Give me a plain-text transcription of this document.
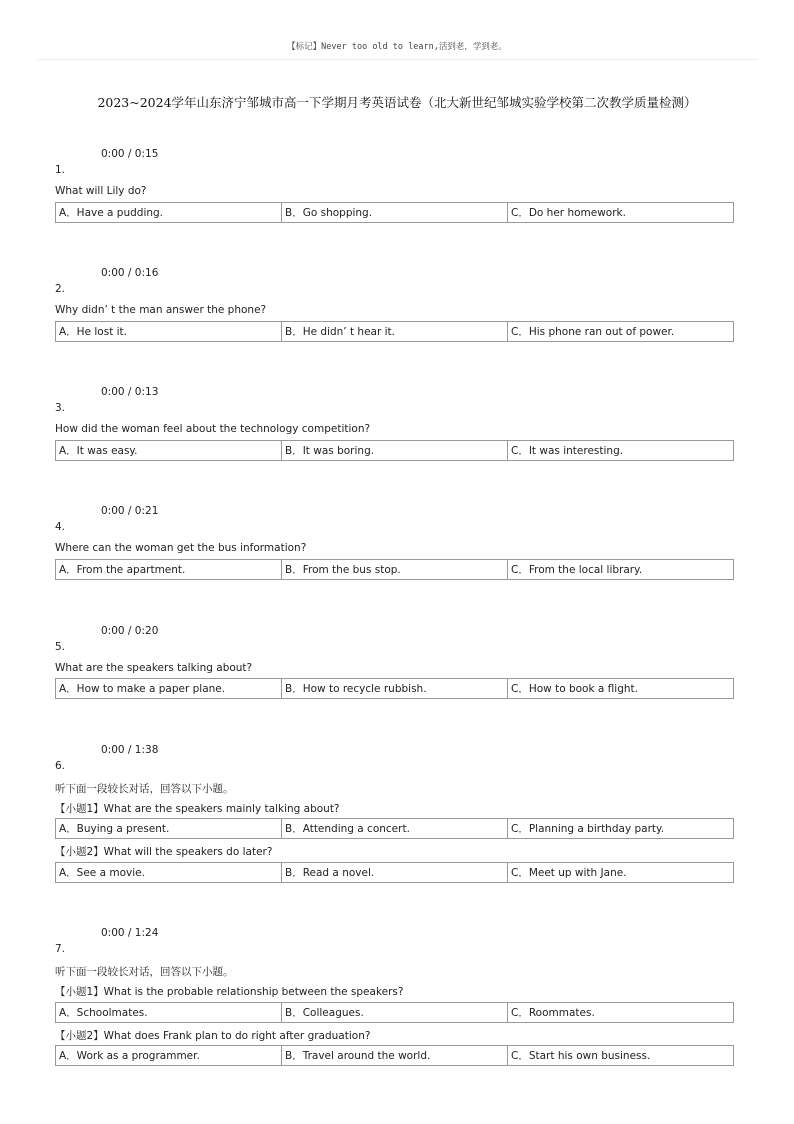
【标记】Never too old to learn,活到老，学到老。
2023~2024学年山东济宁邹城市高一下学期月考英语试卷（北大新世纪邹城实验学校第二次教学质量检测）
0:00 / 0:15
1.
What will Lily do?
A．Have a pudding.	B．Go shopping.	C．Do her homework.
0:00 / 0:16
2.
Why didn’ t the man answer the phone?
A．He lost it.	B．He didn’ t hear it.	C．His phone ran out of power.
0:00 / 0:13
3.
How did the woman feel about the technology competition?
A．It was easy.	B．It was boring.	C．It was interesting.
0:00 / 0:21
4.
Where can the woman get the bus information?
A．From the apartment.	B．From the bus stop.	C．From the local library.
0:00 / 0:20
5.
What are the speakers talking about?
A．How to make a paper plane.	B．How to recycle rubbish.	C．How to book a flight.
0:00 / 1:38
6.
听下面一段较长对话，回答以下小题。
【小题1】What are the speakers mainly talking about?
A．Buying a present.	B．Attending a concert.	C．Planning a birthday party.
【小题2】What will the speakers do later?
A．See a movie.	B．Read a novel.	C．Meet up with Jane.
0:00 / 1:24
7.
听下面一段较长对话，回答以下小题。
【小题1】What is the probable relationship between the speakers?
A．Schoolmates.	B．Colleagues.	C．Roommates.
【小题2】What does Frank plan to do right after graduation?
A．Work as a programmer.	B．Travel around the world.	C．Start his own business.
